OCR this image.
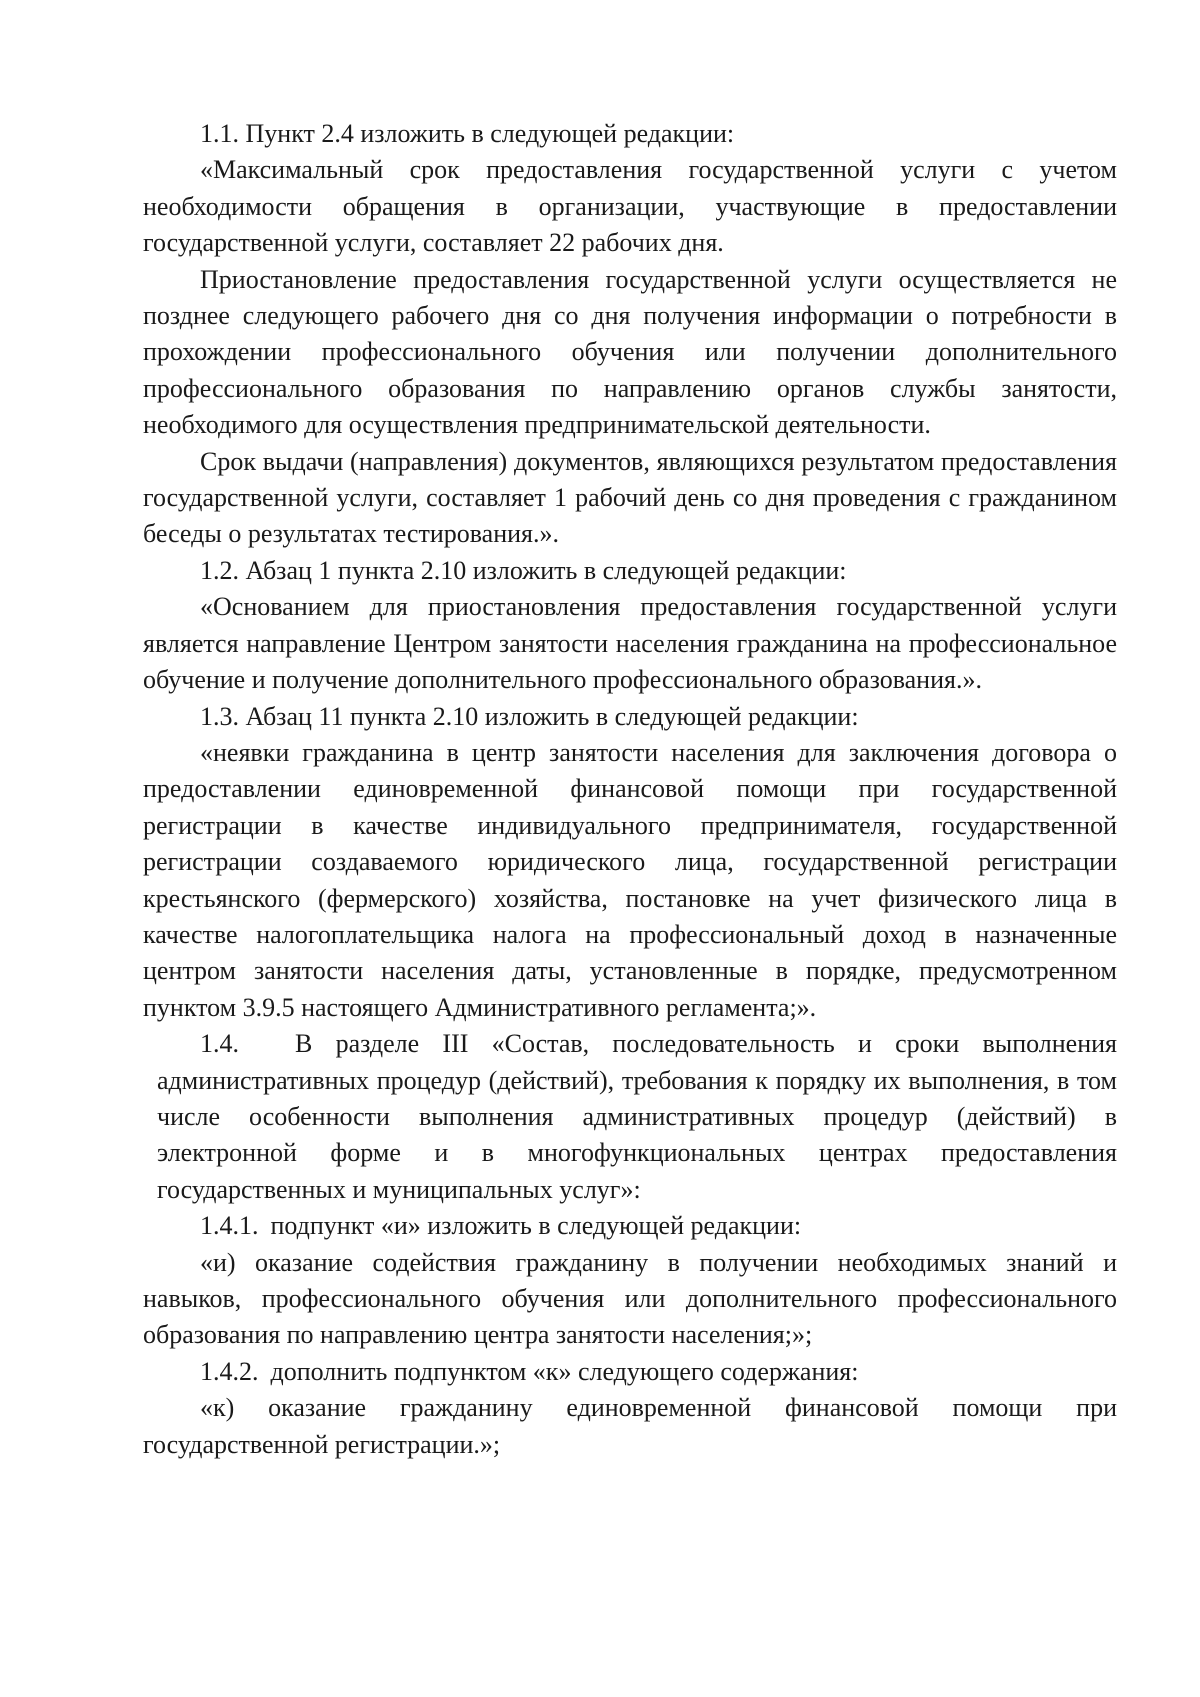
1.1. Пункт 2.4 изложить в следующей редакции:

«Максимальный срок предоставления государственной услуги с учетом необходимости обращения в организации, участвующие в предоставлении государственной услуги, составляет 22 рабочих дня.

Приостановление предоставления государственной услуги осуществляется не позднее следующего рабочего дня со дня получения информации о потребности в прохождении профессионального обучения или получении дополнительного профессионального образования по направлению органов службы занятости, необходимого для осуществления предпринимательской деятельности.

Срок выдачи (направления) документов, являющихся результатом предоставления государственной услуги, составляет 1 рабочий день со дня проведения с гражданином беседы о результатах тестирования.».

1.2. Абзац 1 пункта 2.10 изложить в следующей редакции:

«Основанием для приостановления предоставления государственной услуги является направление Центром занятости населения гражданина на профессиональное обучение и получение дополнительного профессионального образования.».

1.3. Абзац 11 пункта 2.10 изложить в следующей редакции:

«неявки гражданина в центр занятости населения для заключения договора о предоставлении единовременной финансовой помощи при государственной регистрации в качестве индивидуального предпринимателя, государственной регистрации создаваемого юридического лица, государственной регистрации крестьянского (фермерского) хозяйства, постановке на учет физического лица в качестве налогоплательщика налога на профессиональный доход в назначенные центром занятости населения даты, установленные в порядке, предусмотренном пунктом 3.9.5 настоящего Административного регламента;».

1.4. В разделе III «Состав, последовательность и сроки выполнения административных процедур (действий), требования к порядку их выполнения, в том числе особенности выполнения административных процедур (действий) в электронной форме и в многофункциональных центрах предоставления государственных и муниципальных услуг»:

1.4.1. подпункт «и» изложить в следующей редакции:

«и) оказание содействия гражданину в получении необходимых знаний и навыков, профессионального обучения или дополнительного профессионального образования по направлению центра занятости населения;»;

1.4.2. дополнить подпунктом «к» следующего содержания:

«к) оказание гражданину единовременной финансовой помощи при государственной регистрации.»;
